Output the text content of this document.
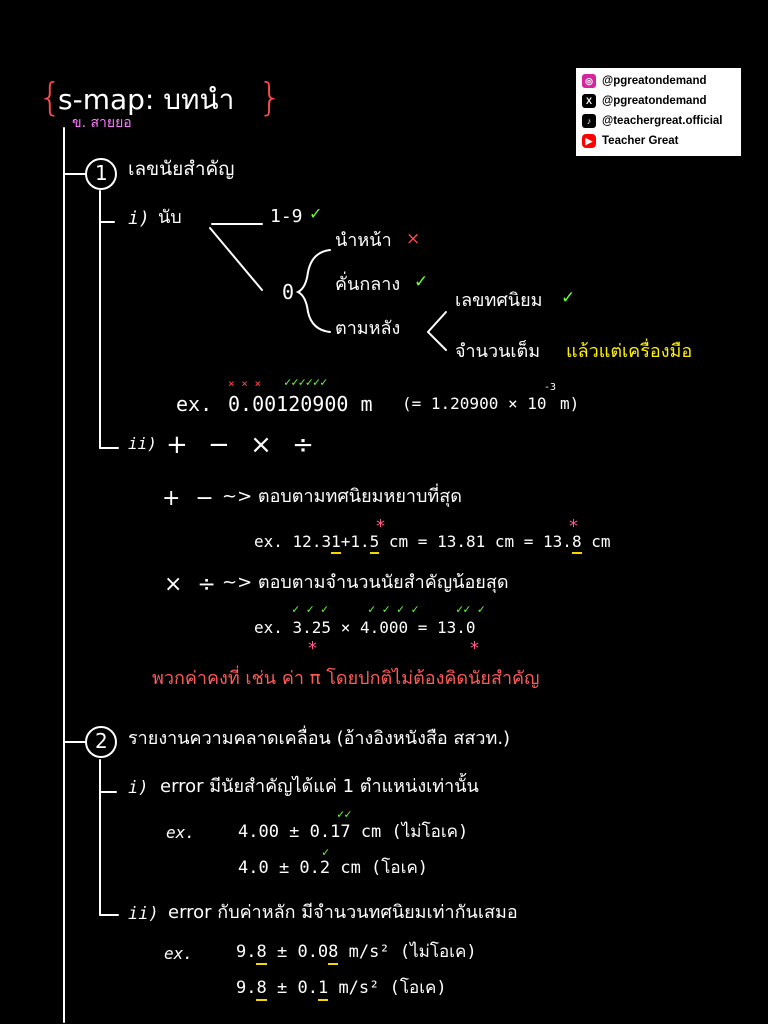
{
s-map: บทนำ }
ข. สายยอ
◎ @pgreatondemand
X @pgreatondemand
♪ @teachergreat.official
▶ Teacher Great
1 เลขนัยสำคัญ
i) นับ	1-9 ✓
0
นำหน้า ×
คั่นกลาง ✓
ตามหลัง
เลขทศนิยม ✓
จำนวนเต็ม แล้วแต่เครื่องมือ
× × × ✓✓✓✓✓✓
ex. 0.00120900 m (= 1.20900 × 10
-3
m)
ii) + − × ÷
+ − ~> ตอบตามทศนิยมหยาบที่สุด
*	*
ex. 12.31+1.5 cm = 13.81 cm = 13.8 cm
× ÷ ~> ตอบตามจำนวนนัยสำคัญน้อยสุด
✓ ✓ ✓	✓ ✓ ✓ ✓	✓✓ ✓
ex. 3.25 × 4.000 = 13.0
*	*
พวกค่าคงที่ เช่น ค่า π โดยปกติไม่ต้องคิดนัยสำคัญ
2 รายงานความคลาดเคลื่อน (อ้างอิงหนังสือ สสวท.)
i) error มีนัยสำคัญได้แค่ 1 ตำแหน่งเท่านั้น
ex.
✓✓
4.00 ± 0.17 cm (ไม่โอเค)
✓
4.0 ± 0.2 cm (โอเค)
ii) error กับค่าหลัก มีจำนวนทศนิยมเท่ากันเสมอ
ex.	9.8 ± 0.08 m/s² (ไม่โอเค)
9.8 ± 0.1 m/s² (โอเค)
